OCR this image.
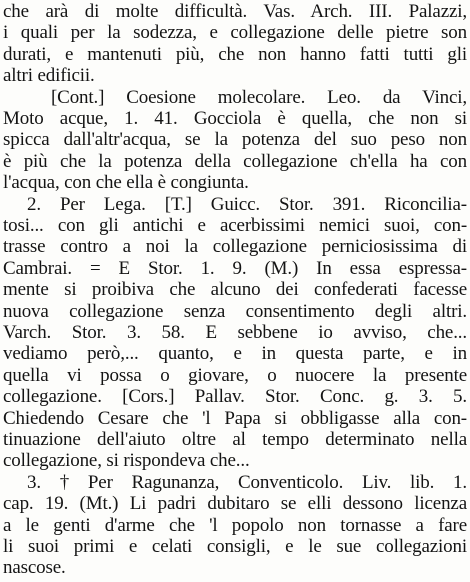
che arà di molte difficultà. Vas. Arch. III. Palazzi,
i quali per la sodezza, e collegazione delle pietre son
durati, e mantenuti più, che non hanno fatti tutti gli
altri edificii.
[Cont.] Coesione molecolare. Leo. da Vinci,
Moto acque, 1. 41. Gocciola è quella, che non si
spicca dall'altr'acqua, se la potenza del suo peso non
è più che la potenza della collegazione ch'ella ha con
l'acqua, con che ella è congiunta.
2. Per Lega. [T.] Guicc. Stor. 391. Riconcilia-
tosi... con gli antichi e acerbissimi nemici suoi, con-
trasse contro a noi la collegazione perniciosissima di
Cambrai. = E Stor. 1. 9. (M.) In essa espressa-
mente si proibiva che alcuno dei confederati facesse
nuova collegazione senza consentimento degli altri.
Varch. Stor. 3. 58. E sebbene io avviso, che...
vediamo però,... quanto, e in questa parte, e in
quella vi possa o giovare, o nuocere la presente
collegazione. [Cors.] Pallav. Stor. Conc. g. 3. 5.
Chiedendo Cesare che 'l Papa si obbligasse alla con-
tinuazione dell'aiuto oltre al tempo determinato nella
collegazione, si rispondeva che...
3. † Per Ragunanza, Conventicolo. Liv. lib. 1.
cap. 19. (Mt.) Li padri dubitaro se elli dessono licenza
a le genti d'arme che 'l popolo non tornasse a fare
li suoi primi e celati consigli, e le sue collegazioni
nascose.
